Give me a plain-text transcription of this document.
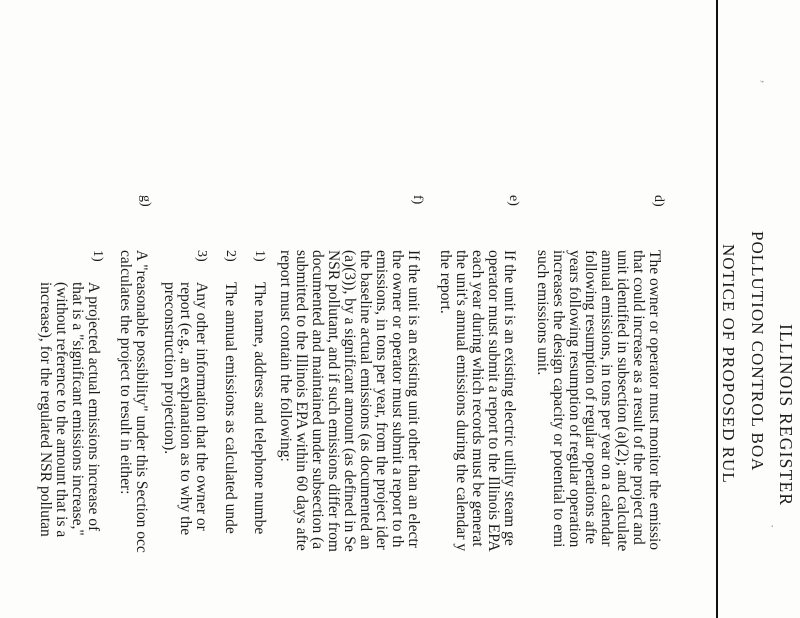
ILLINOIS REGISTER
POLLUTION CONTROL BOA
NOTICE OF PROPOSED RUL
d)
The owner or operator must monitor the emissio
that could increase as a result of the project and
unit identified in subsection (a)(2); and calculate
annual emissions, in tons per year on a calendar
following resumption of regular operations afte
years following resumption of regular operation
increases the design capacity or potential to emi
such emissions unit.
e)
If the unit is an existing electric utility steam ge
operator must submit a report to the Illinois EPA
each year during which records must be generat
the unit's annual emissions during the calendar y
the report.
f)
If the unit is an existing unit other than an electr
the owner or operator must submit a report to th
emissions, in tons per year, from the project ider
the baseline actual emissions (as documented an
(a)(3)), by a significant amount (as defined in Se
NSR pollutant, and if such emissions differ from
documented and maintained under subsection (a
submitted to the Illinois EPA within 60 days afte
report must contain the following:
1)
The name, address and telephone numbe
2)
The annual emissions as calculated unde
3)
Any other information that the owner or
report (e.g., an explanation as to why the
preconstruction projection).
g)
A "reasonable possibility" under this Section occ
calculates the project to result in either:
1)
A projected actual emissions increase of
that is a "significant emissions increase,"
(without reference to the amount that is a
increase), for the regulated NSR pollutan
,
·
